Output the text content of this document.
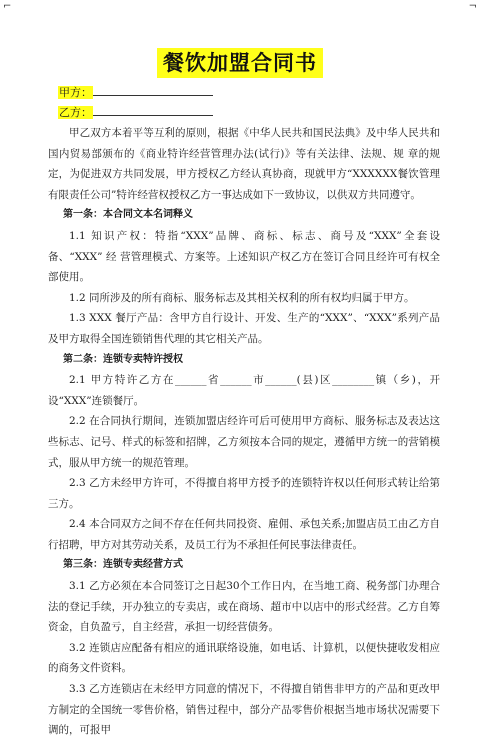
⌐	¬
餐饮加盟合同书
甲方：
乙方：

甲乙双方本着平等互利的原则，根据《中华人民共和国民法典》及中华人民共和国内贸易部颁布的《商业特许经营管理办法(试行)》等有关法律、法规、规 章的规定，为促进双方共同发展，甲方授权乙方经认真协商，现就甲方“XXXXXX餐饮管理有限责任公司”特许经营权授权乙方一事达成如下一致协议，以供双方共同遵守。

第一条：本合同文本名词释义

1.1 知识产权：特指“XXX”品牌、商标、标志、商号及“XXX”全套设备、“XXX” 经 营管理模式、方案等。上述知识产权乙方在签订合同且经许可有权全部使用。

1.2 同所涉及的所有商标、服务标志及其相关权利的所有权均归属于甲方。

1.3 XXX 餐厅产品：含甲方自行设计、开发、生产的“XXX”、“XXX”系列产品及甲方取得全国连锁销售代理的其它相关产品。

第二条：连锁专卖特许授权

2.1 甲方特许乙方在______省______市______(县)区________镇（乡)，开设“XXX”连锁餐厅。

2.2 在合同执行期间，连锁加盟店经许可后可使用甲方商标、服务标志及表达这些标志、记号、样式的标签和招牌，乙方须按本合同的规定，遵循甲方统一的营销模式，服从甲方统一的规范管理。

2.3 乙方未经甲方许可，不得擅自将甲方授予的连锁特许权以任何形式转让给第三方。

2.4 本合同双方之间不存在任何共同投资、雇佣、承包关系;加盟店员工由乙方自行招聘，甲方对其劳动关系，及员工行为不承担任何民事法律责任。

第三条：连锁专卖经营方式

3.1 乙方必须在本合同签订之日起30个工作日内，在当地工商、税务部门办理合法的登记手续，开办独立的专卖店，或在商场、超市中以店中的形式经营。乙方自筹资金，自负盈亏，自主经营，承担一切经营债务。

3.2 连锁店应配备有相应的通讯联络设施，如电话、计算机，以便快捷收发相应的商务文件资料。

3.3 乙方连锁店在未经甲方同意的情况下，不得擅自销售非甲方的产品和更改甲方制定的全国统一零售价格，销售过程中，部分产品零售价根据当地市场状况需要下调的，可报甲
